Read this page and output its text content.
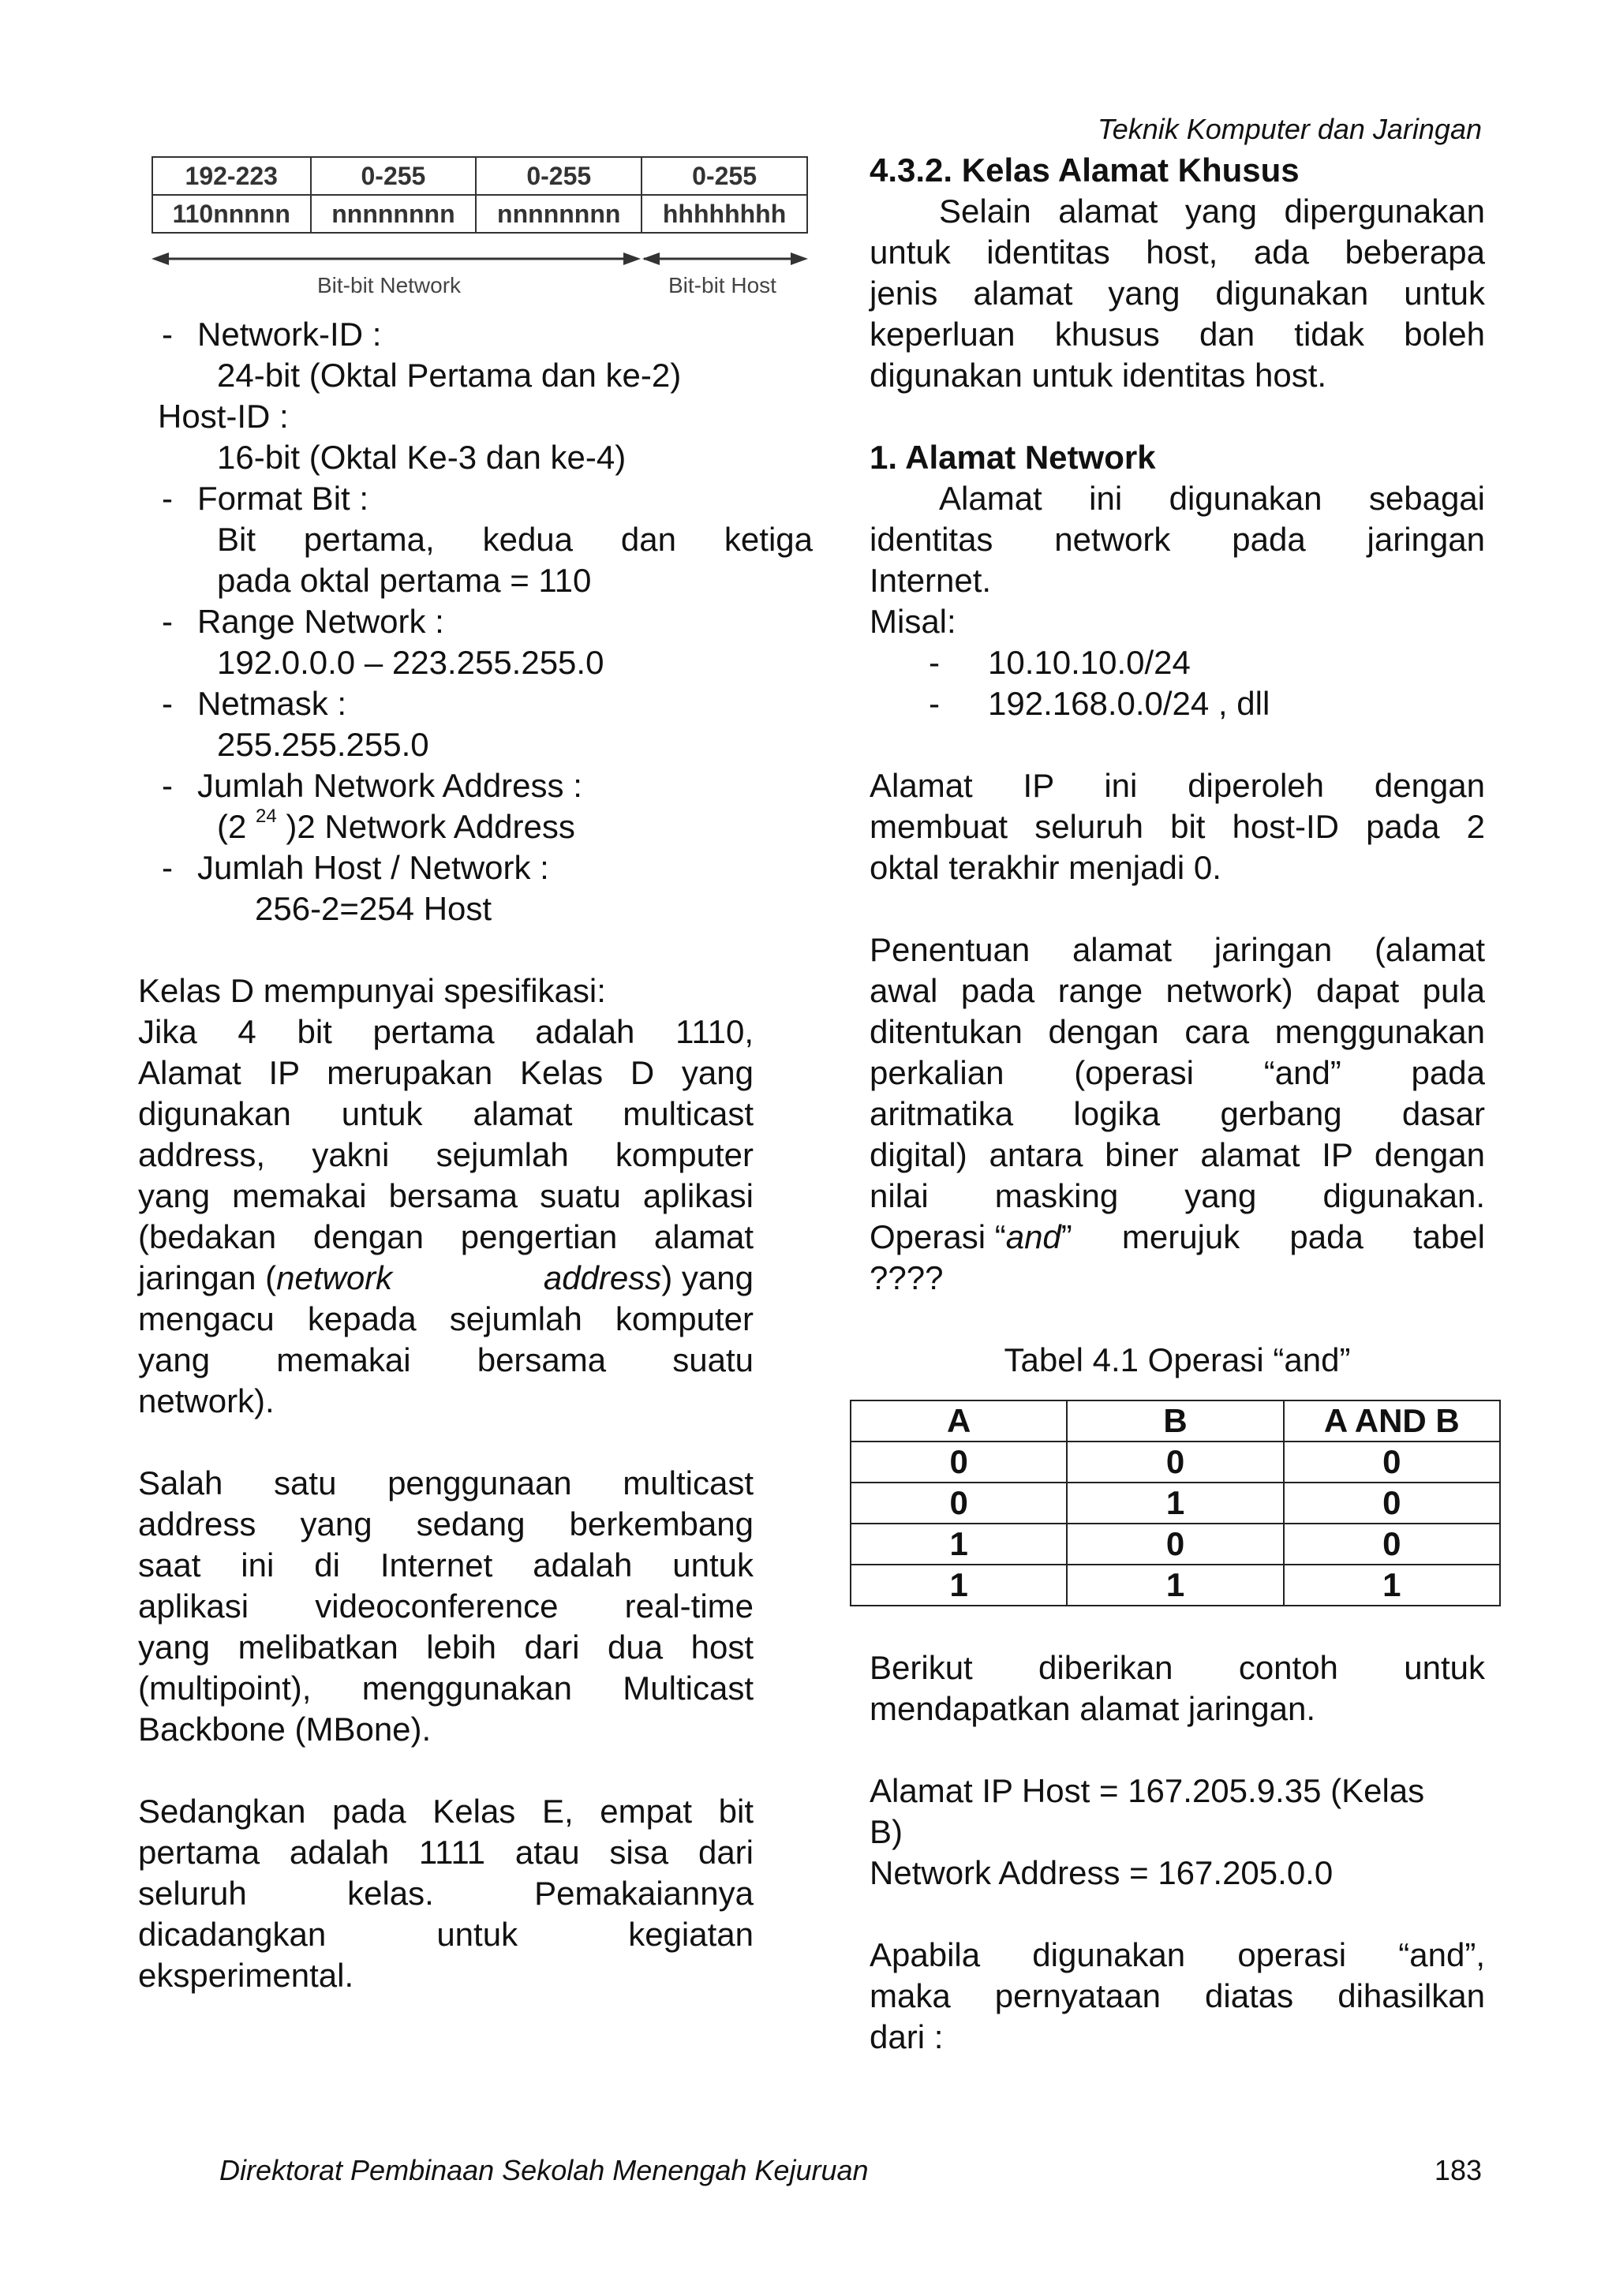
Teknik Komputer dan Jaringan
192-223	0-255	0-255	0-255
110nnnnn	nnnnnnnn	nnnnnnnn	hhhhhhhh
Bit-bit Network	Bit-bit Host
- Network-ID :
24-bit (Oktal Pertama dan ke-2)
Host-ID :
16-bit (Oktal Ke-3 dan ke-4)
- Format Bit :
Bit pertama, kedua dan ketiga
pada oktal pertama = 110
- Range Network :
192.0.0.0 – 223.255.255.0
- Netmask :
255.255.255.0
- Jumlah Network Address :
(2 $^{24}$ )2 Network Address
- Jumlah Host / Network :
256-2=254 Host

Kelas D mempunyai spesifikasi:

Jika 4 bit pertama adalah 1110,

Alamat IP merupakan Kelas D yang

digunakan untuk alamat multicast

address, yakni sejumlah komputer

yang memakai bersama suatu aplikasi

(bedakan dengan pengertian alamat

jaringan ( network address ) yang

mengacu kepada sejumlah komputer

yang memakai bersama suatu

network).

Salah satu penggunaan multicast

address yang sedang berkembang

saat ini di Internet adalah untuk

aplikasi videoconference real-time

yang melibatkan lebih dari dua host

(multipoint), menggunakan Multicast

Backbone (MBone).

Sedangkan pada Kelas E, empat bit

pertama adalah 1111 atau sisa dari

seluruh kelas. Pemakaiannya

dicadangkan untuk kegiatan

eksperimental.

4.3.2. Kelas Alamat Khusus

Selain alamat yang dipergunakan

untuk identitas host, ada beberapa

jenis alamat yang digunakan untuk

keperluan khusus dan tidak boleh

digunakan untuk identitas host.

1. Alamat Network

Alamat ini digunakan sebagai

identitas network pada jaringan

Internet.

Misal:

-	10.10.10.0/24
-	192.168.0.0/24 , dll

Alamat IP ini diperoleh dengan

membuat seluruh bit host-ID pada 2

oktal terakhir menjadi 0.

Penentuan alamat jaringan (alamat

awal pada range network) dapat pula

ditentukan dengan cara menggunakan

perkalian (operasi “and” pada

aritmatika logika gerbang dasar

digital) antara biner alamat IP dengan

nilai masking yang digunakan.

Operasi “ and ” merujuk pada tabel

????

Tabel 4.1 Operasi “and”

A	B	A AND B
0	0	0
0	1	0
1	0	0
1	1	1

Berikut diberikan contoh untuk

mendapatkan alamat jaringan.

Alamat IP Host = 167.205.9.35 (Kelas

B)

Network Address = 167.205.0.0

Apabila digunakan operasi “and”,

maka pernyataan diatas dihasilkan

dari :

Direktorat Pembinaan Sekolah Menengah Kejuruan	183
